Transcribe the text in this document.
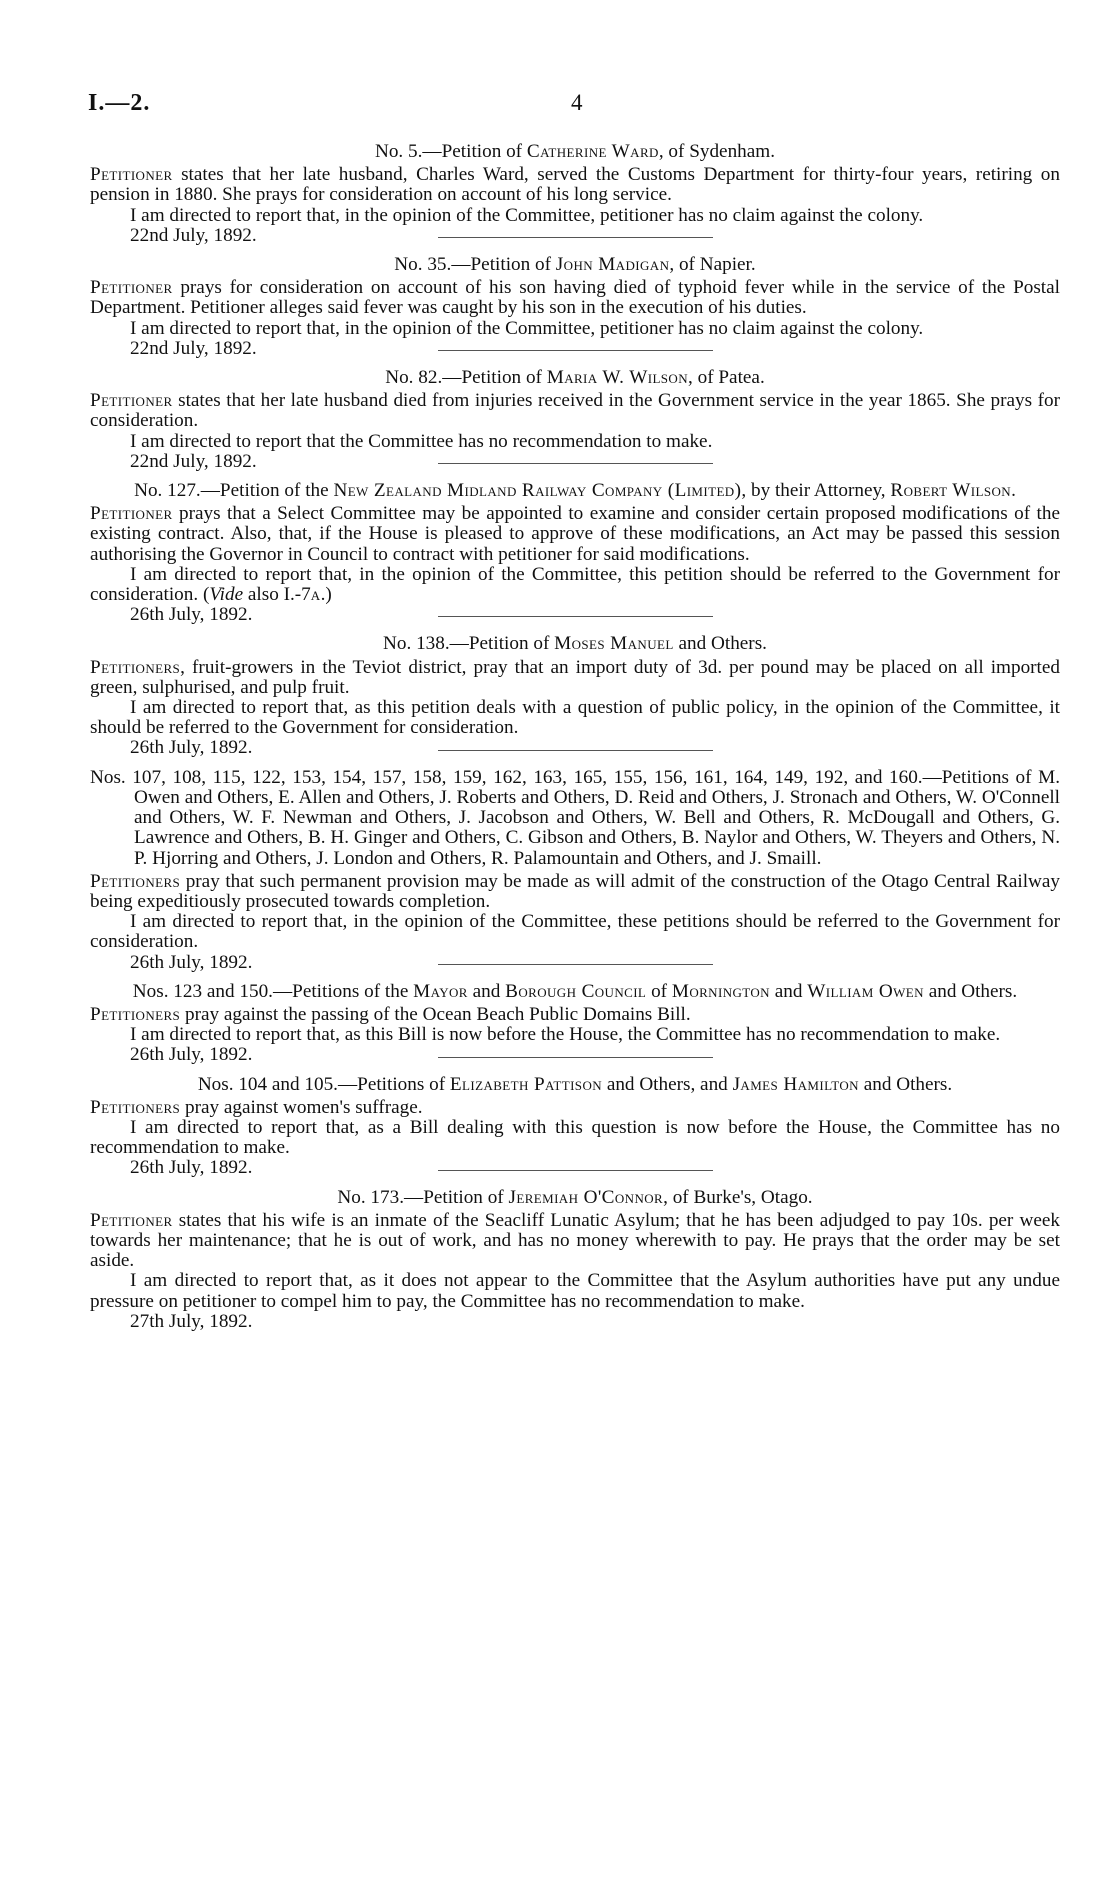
I.—2.	4
No. 5.—Petition of Catherine Ward, of Sydenham.

Petitioner states that her late husband, Charles Ward, served the Customs Department for thirty-four years, retiring on pension in 1880. She prays for consideration on account of his long service.

I am directed to report that, in the opinion of the Committee, petitioner has no claim against the colony.

22nd July, 1892.
No. 35.—Petition of John Madigan, of Napier.

Petitioner prays for consideration on account of his son having died of typhoid fever while in the service of the Postal Department. Petitioner alleges said fever was caught by his son in the execution of his duties.

I am directed to report that, in the opinion of the Committee, petitioner has no claim against the colony.

22nd July, 1892.
No. 82.—Petition of Maria W. Wilson, of Patea.

Petitioner states that her late husband died from injuries received in the Government service in the year 1865. She prays for consideration.

I am directed to report that the Committee has no recommendation to make.

22nd July, 1892.
No. 127.—Petition of the New Zealand Midland Railway Company (Limited), by their Attorney, Robert Wilson.

Petitioner prays that a Select Committee may be appointed to examine and consider certain proposed modifications of the existing contract. Also, that, if the House is pleased to approve of these modifications, an Act may be passed this session authorising the Governor in Council to contract with petitioner for said modifications.

I am directed to report that, in the opinion of the Committee, this petition should be referred to the Government for consideration. (Vide also I.-7a.)

26th July, 1892.
No. 138.—Petition of Moses Manuel and Others.

Petitioners, fruit-growers in the Teviot district, pray that an import duty of 3d. per pound may be placed on all imported green, sulphurised, and pulp fruit.

I am directed to report that, as this petition deals with a question of public policy, in the opinion of the Committee, it should be referred to the Government for consideration.

26th July, 1892.
Nos. 107, 108, 115, 122, 153, 154, 157, 158, 159, 162, 163, 165, 155, 156, 161, 164, 149, 192, and 160.—Petitions of M. Owen and Others, E. Allen and Others, J. Roberts and Others, D. Reid and Others, J. Stronach and Others, W. O'Connell and Others, W. F. Newman and Others, J. Jacobson and Others, W. Bell and Others, R. McDougall and Others, G. Lawrence and Others, B. H. Ginger and Others, C. Gibson and Others, B. Naylor and Others, W. Theyers and Others, N. P. Hjorring and Others, J. London and Others, R. Palamountain and Others, and J. Smaill.

Petitioners pray that such permanent provision may be made as will admit of the construction of the Otago Central Railway being expeditiously prosecuted towards completion.

I am directed to report that, in the opinion of the Committee, these petitions should be referred to the Government for consideration.

26th July, 1892.
Nos. 123 and 150.—Petitions of the Mayor and Borough Council of Mornington and William Owen and Others.

Petitioners pray against the passing of the Ocean Beach Public Domains Bill.

I am directed to report that, as this Bill is now before the House, the Committee has no recommendation to make.

26th July, 1892.
Nos. 104 and 105.—Petitions of Elizabeth Pattison and Others, and James Hamilton and Others.

Petitioners pray against women's suffrage.

I am directed to report that, as a Bill dealing with this question is now before the House, the Committee has no recommendation to make.

26th July, 1892.
No. 173.—Petition of Jeremiah O'Connor, of Burke's, Otago.

Petitioner states that his wife is an inmate of the Seacliff Lunatic Asylum; that he has been adjudged to pay 10s. per week towards her maintenance; that he is out of work, and has no money wherewith to pay. He prays that the order may be set aside.

I am directed to report that, as it does not appear to the Committee that the Asylum authorities have put any undue pressure on petitioner to compel him to pay, the Committee has no recommendation to make.

27th July, 1892.
